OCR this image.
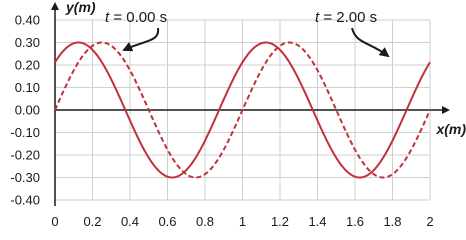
0 0.2 0.4 0.6 0.8 1 1.2 1.4 1.6 1.8 2
0.40
0.30
0.20
0.10
0.00
-0.10
-0.20
-0.30
-0.40
y(m)
x(m)
t = 0.00 s	t = 2.00 s
